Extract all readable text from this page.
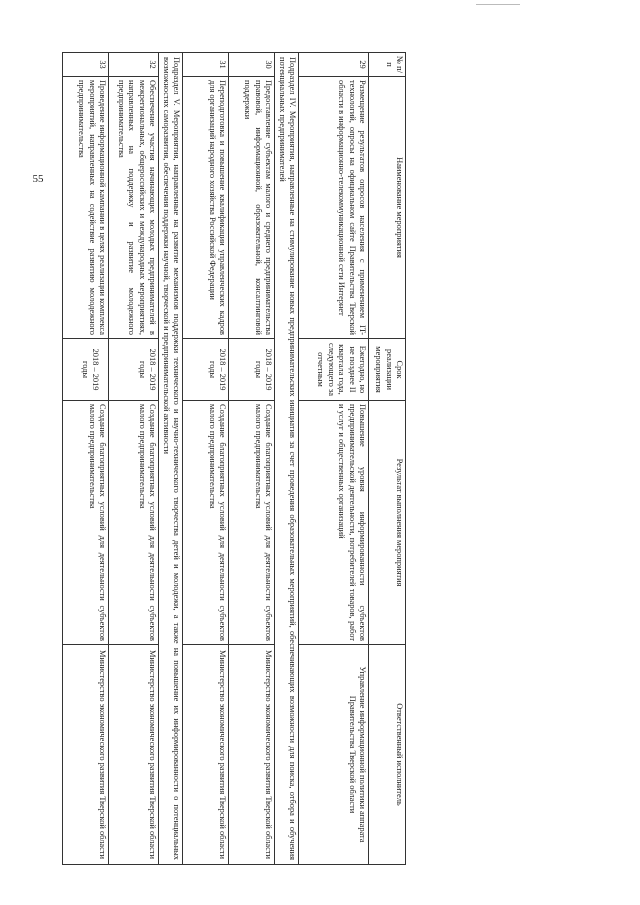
55
№ п/п	Наименование мероприятия	Срок реализации мероприятия	Результат выполнения мероприятия	Ответственный исполнитель
29	Размещение результатов опросов населения с применением IT-технологий, опросы на официальном сайте Правительства Тверской области в информационно-телекоммуникационной сети Интернет	Ежегодно, но не позднее II квартала года, следующего за отчетным	Повышение уровня информированности субъектов предпринимательской деятельности, потребителей товаров, работ и услуг и общественных организаций	Управление информационной политики аппарата Правительства Тверской области
Подраздел IV. Мероприятия, направленные на стимулирование новых предпринимательских инициатив за счет проведения образовательных мероприятий, обеспечивающих возможности для поиска, отбора и обучения потенциальных предпринимателей				
30	Предоставление субъектам малого и среднего предпринимательства правовой, информационной, образовательной, консалтинговой поддержки	2018 – 2019 годы	Создание благоприятных условий для деятельности субъектов малого предпринимательства	Министерство экономического развития Тверской области
31	Переподготовка и повышение квалификации управленческих кадров для организаций народного хозяйства Российской Федерации	2018 – 2019 годы	Создание благоприятных условий для деятельности субъектов малого предпринимательства	Министерство экономического развития Тверской области
Подраздел V. Мероприятия, направленные на развитие механизмов поддержки технического и научно-технического творчества детей и молодежи, а также на повышение их информированности о потенциальных возможностях саморазвития, обеспечения поддержки научной, творческой и предпринимательской активности				
32	Обеспечение участия начинающих молодых предпринимателей в межрегиональных, общероссийских и международных мероприятиях, направленных на поддержку и развитие молодежного предпринимательства	2018 – 2019 годы	Создание благоприятных условий для деятельности субъектов малого предпринимательства	Министерство экономического развития Тверской области
33	Проведение информационной кампании в целях реализации комплекса мероприятий, направленных на содействие развитию молодежного предпринимательства	2018 – 2019 годы	Создание благоприятных условий для деятельности субъектов малого предпринимательства	Министерство экономического развития Тверской области
